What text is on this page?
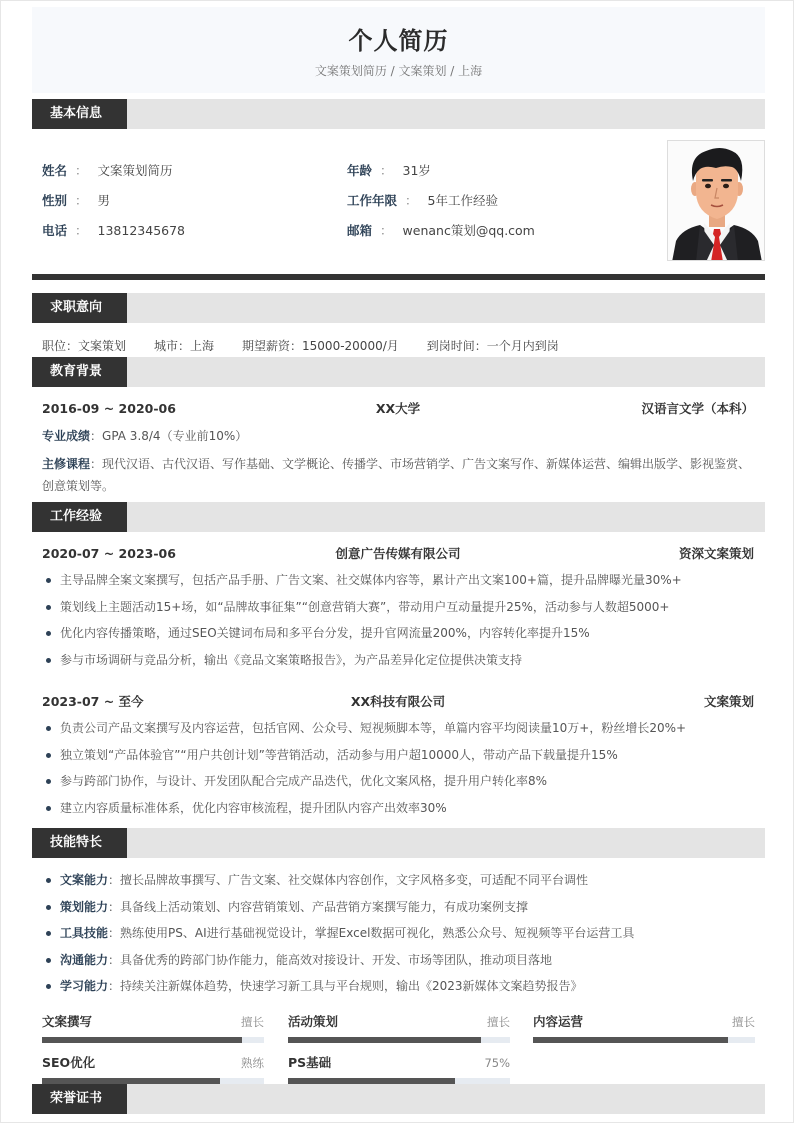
个人简历
文案策划简历 / 文案策划 / 上海
基本信息
姓名 ： 文案策划简历
性别 ： 男
电话 ： 13812345678
年龄 ： 31岁
工作年限 ： 5年工作经验
邮箱 ： wenanc策划@qq.com
求职意向
职位：文案策划 城市：上海 期望薪资：15000-20000/月 到岗时间：一个月内到岗
教育背景
2016-09 ~ 2020-06	XX大学	汉语言文学（本科）
专业成绩：GPA 3.8/4（专业前10%）
主修课程：现代汉语、古代汉语、写作基础、文学概论、传播学、市场营销学、广告文案写作、新媒体运营、编辑出版学、影视鉴赏、创意策划等。
工作经验
2020-07 ~ 2023-06	创意广告传媒有限公司	资深文案策划
主导品牌全案文案撰写，包括产品手册、广告文案、社交媒体内容等，累计产出文案100+篇，提升品牌曝光量30%+
策划线上主题活动15+场，如“品牌故事征集”“创意营销大赛”，带动用户互动量提升25%，活动参与人数超5000+
优化内容传播策略，通过SEO关键词布局和多平台分发，提升官网流量200%，内容转化率提升15%
参与市场调研与竞品分析，输出《竞品文案策略报告》，为产品差异化定位提供决策支持
2023-07 ~ 至今	XX科技有限公司	文案策划
负责公司产品文案撰写及内容运营，包括官网、公众号、短视频脚本等，单篇内容平均阅读量10万+，粉丝增长20%+
独立策划“产品体验官”“用户共创计划”等营销活动，活动参与用户超10000人，带动产品下载量提升15%
参与跨部门协作，与设计、开发团队配合完成产品迭代，优化文案风格，提升用户转化率8%
建立内容质量标准体系，优化内容审核流程，提升团队内容产出效率30%
技能特长
文案能力：擅长品牌故事撰写、广告文案、社交媒体内容创作，文字风格多变，可适配不同平台调性
策划能力：具备线上活动策划、内容营销策划、产品营销方案撰写能力，有成功案例支撑
工具技能：熟练使用PS、AI进行基础视觉设计，掌握Excel数据可视化，熟悉公众号、短视频等平台运营工具
沟通能力：具备优秀的跨部门协作能力，能高效对接设计、开发、市场等团队，推动项目落地
学习能力：持续关注新媒体趋势，快速学习新工具与平台规则，输出《2023新媒体文案趋势报告》
文案撰写	擅长 活动策划	擅长 内容运营	擅长
SEO优化	熟练 PS基础	75%
荣誉证书
